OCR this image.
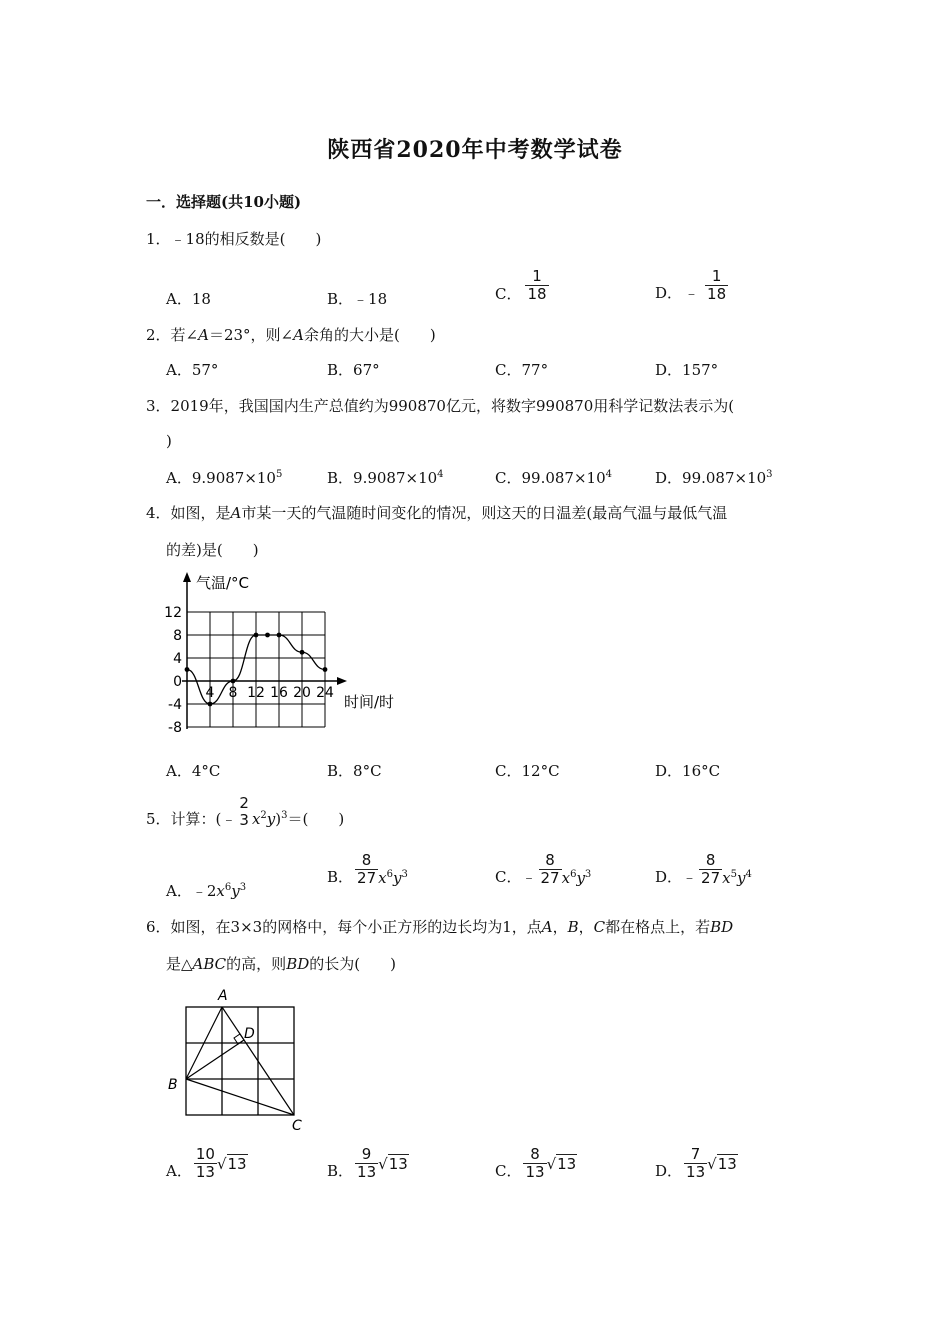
陕西省2020年中考数学试卷
一．选择题(共10小题)
1．﹣18的相反数是(　　)
A．18	B．﹣18	C． $\frac{1}{18}$	D． ﹣ $\frac{1}{18}$
2．若∠A＝23°，则∠A余角的大小是(　　)
A．57°	B．67°	C．77°	D．157°
3．2019年，我国国内生产总值约为990870亿元，将数字990870用科学记数法表示为(
)
A．$9.9087\times 10^5$	B．$9.9087\times 10^4$	C．$99.087\times 10^4$	D．$99.087\times 10^3$
4．如图，是A市某一天的气温随时间变化的情况，则这天的日温差(最高气温与最低气温
的差)是(　　)
气温/°C
时间/时
12
8
4
0
-4
-8
4 8 12 16 20 24
A．4°C	B．8°C	C．12°C	D．16°C
5．计算：(﹣
2
3 $x^2y)^3=$(　　)
A．$﹣2x^6y^3$
B． $\frac{8}{27} x^6y^3$	C．﹣ $\frac{8}{27} x^6y^3$	D．﹣ $\frac{8}{27} x^5y^4$
6．如图，在3×3的网格中，每个小正方形的边长均为1，点A，B，C都在格点上，若BD
是△ABC的高，则BD的长为(　　)
A
D
B
C
A． $\frac{10}{13} √13$	B． $\frac{9}{13} √13$	C． $\frac{8}{13} √13$	D． $\frac{7}{13} √13$
